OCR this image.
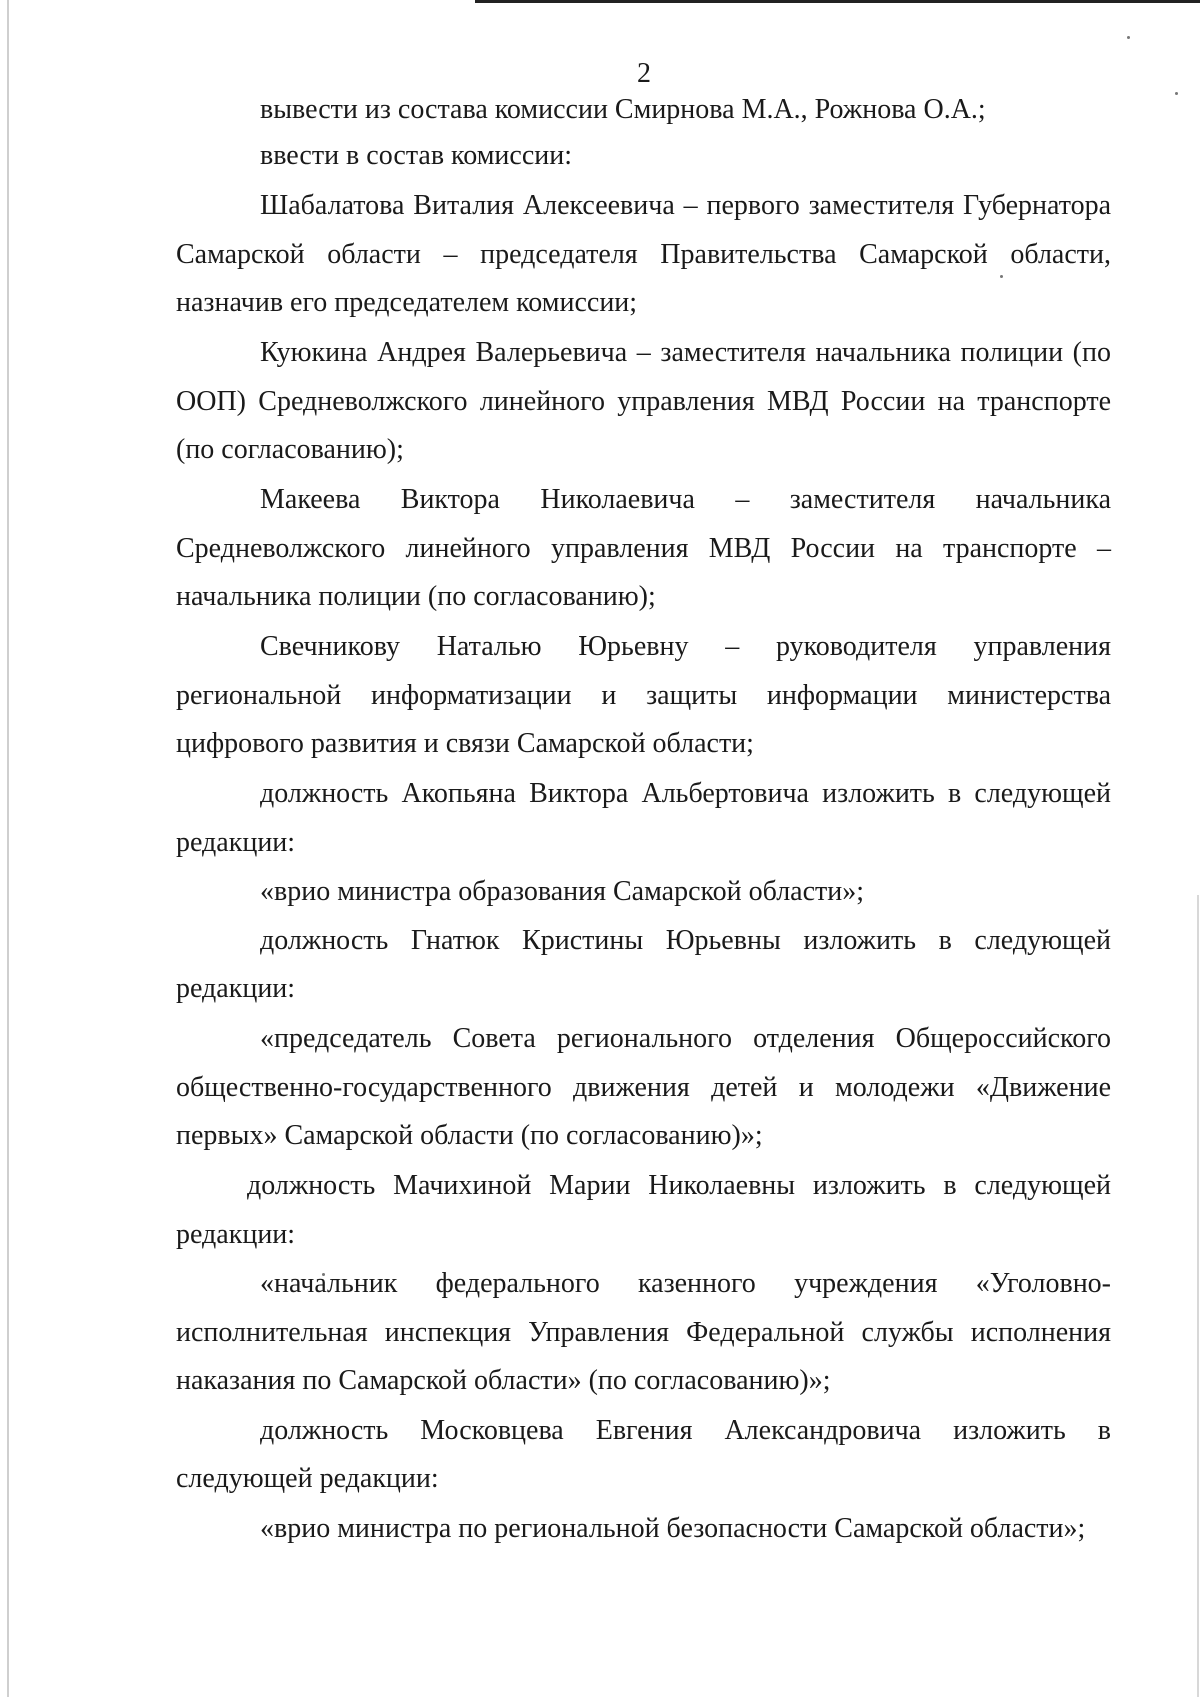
2
вывести из состава комиссии Смирнова М.А., Рожнова О.А.;
ввести в состав комиссии:
Шабалатова Виталия Алексеевича – первого заместителя Губернатора
Самарской области – председателя Правительства Самарской области,
назначив его председателем комиссии;
Куюкина Андрея Валерьевича – заместителя начальника полиции (по
ООП) Средневолжского линейного управления МВД России на транспорте
(по согласованию);
Макеева Виктора Николаевича – заместителя начальника
Средневолжского линейного управления МВД России на транспорте –
начальника полиции (по согласованию);
Свечникову Наталью Юрьевну – руководителя управления
региональной информатизации и защиты информации министерства
цифрового развития и связи Самарской области;
должность Акопьяна Виктора Альбертовича изложить в следующей
редакции:
«врио министра образования Самарской области»;
должность Гнатюк Кристины Юрьевны изложить в следующей
редакции:
«председатель Совета регионального отделения Общероссийского
общественно-государственного движения детей и молодежи «Движение
первых» Самарской области (по согласованию)»;
должность Мачихиной Марии Николаевны изложить в следующей
редакции:
«начальник федерального казенного учреждения «Уголовно-
исполнительная инспекция Управления Федеральной службы исполнения
наказания по Самарской области» (по согласованию)»;
должность Московцева Евгения Александровича изложить в
следующей редакции:
«врио министра по региональной безопасности Самарской области»;
